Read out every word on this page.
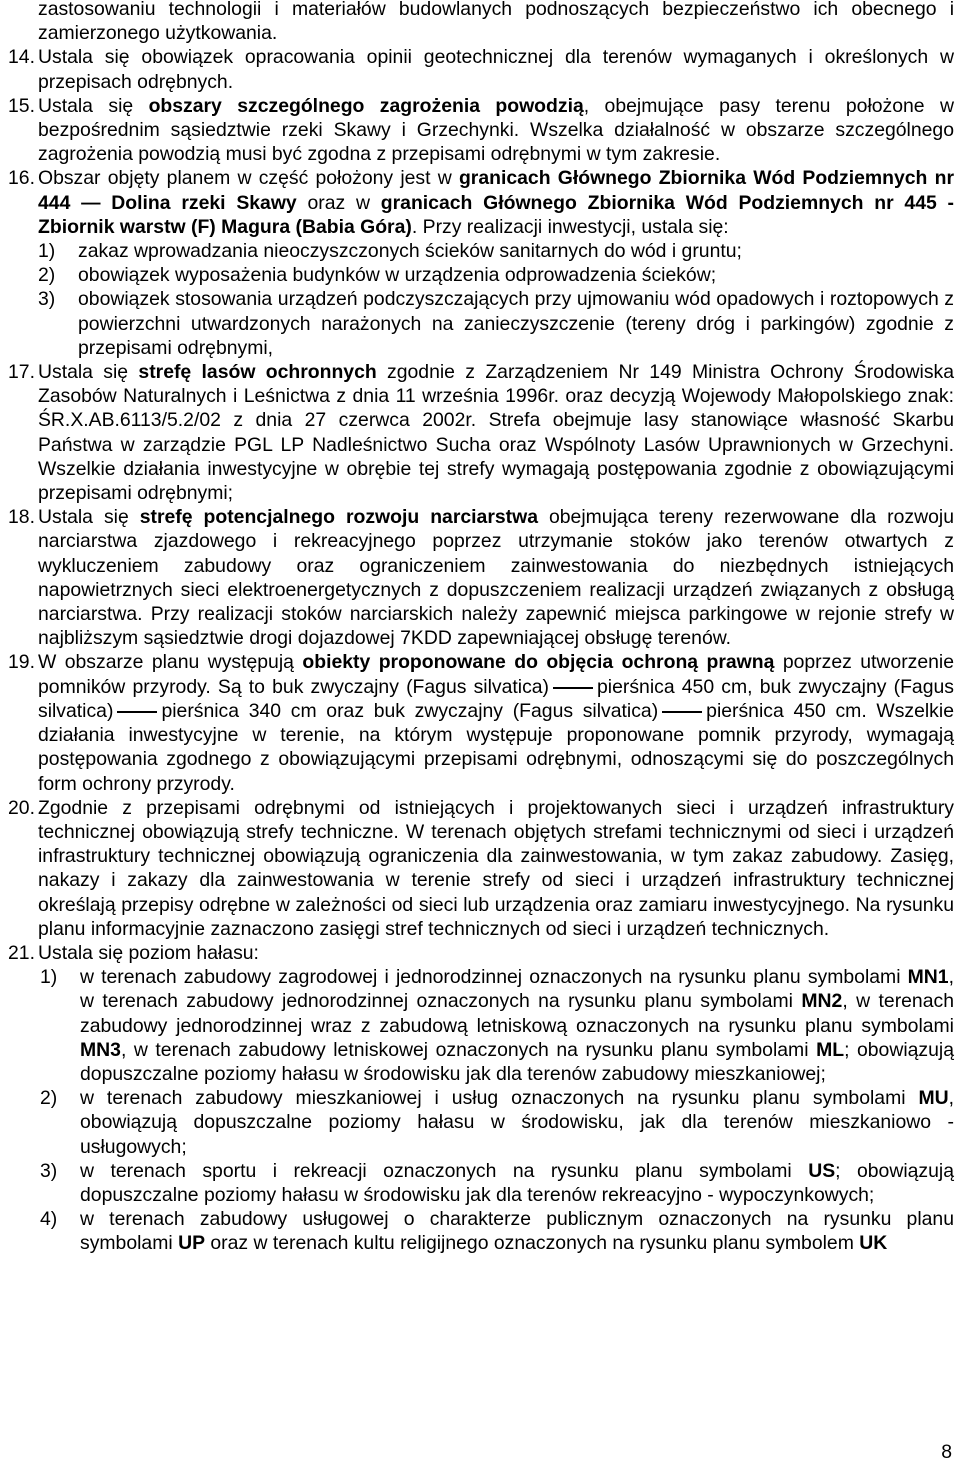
zastosowaniu technologii i materiałów budowlanych podnoszących bezpieczeństwo ich obecnego i zamierzonego użytkowania.

14. Ustala się obowiązek opracowania opinii geotechnicznej dla terenów wymaganych i określonych w przepisach odrębnych.

15. Ustala się obszary szczególnego zagrożenia powodzią, obejmujące pasy terenu położone w bezpośrednim sąsiedztwie rzeki Skawy i Grzechynki. Wszelka działalność w obszarze szczególnego zagrożenia powodzią musi być zgodna z przepisami odrębnymi w tym zakresie.

16. Obszar objęty planem w część położony jest w granicach Głównego Zbiornika Wód Podziemnych nr 444 — Dolina rzeki Skawy oraz w granicach Głównego Zbiornika Wód Podziemnych nr 445 - Zbiornik warstw (F) Magura (Babia Góra). Przy realizacji inwestycji, ustala się:

1) zakaz wprowadzania nieoczyszczonych ścieków sanitarnych do wód i gruntu;

2) obowiązek wyposażenia budynków w urządzenia odprowadzenia ścieków;

3) obowiązek stosowania urządzeń podczyszczających przy ujmowaniu wód opadowych i roztopowych z powierzchni utwardzonych narażonych na zanieczyszczenie (tereny dróg i parkingów) zgodnie z przepisami odrębnymi,

17. Ustala się strefę lasów ochronnych zgodnie z Zarządzeniem Nr 149 Ministra Ochrony Środowiska Zasobów Naturalnych i Leśnictwa z dnia 11 września 1996r. oraz decyzją Wojewody Małopolskiego znak: ŚR.X.AB.6113/5.2/02 z dnia 27 czerwca 2002r. Strefa obejmuje lasy stanowiące własność Skarbu Państwa w zarządzie PGL LP Nadleśnictwo Sucha oraz Wspólnoty Lasów Uprawnionych w Grzechyni. Wszelkie działania inwestycyjne w obrębie tej strefy wymagają postępowania zgodnie z obowiązującymi przepisami odrębnymi;

18. Ustala się strefę potencjalnego rozwoju narciarstwa obejmująca tereny rezerwowane dla rozwoju narciarstwa zjazdowego i rekreacyjnego poprzez utrzymanie stoków jako terenów otwartych z wykluczeniem zabudowy oraz ograniczeniem zainwestowania do niezbędnych istniejących napowietrznych sieci elektroenergetycznych z dopuszczeniem realizacji urządzeń związanych z obsługą narciarstwa. Przy realizacji stoków narciarskich należy zapewnić miejsca parkingowe w rejonie strefy w najbliższym sąsiedztwie drogi dojazdowej 7KDD zapewniającej obsługę terenów.

19. W obszarze planu występują obiekty proponowane do objęcia ochroną prawną poprzez utworzenie pomników przyrody. Są to buk zwyczajny (Fagus silvatica) pierśnica 450 cm, buk zwyczajny (Fagus silvatica) pierśnica 340 cm oraz buk zwyczajny (Fagus silvatica) pierśnica 450 cm. Wszelkie działania inwestycyjne w terenie, na którym występuje proponowane pomnik przyrody, wymagają postępowania zgodnego z obowiązującymi przepisami odrębnymi, odnoszącymi się do poszczególnych form ochrony przyrody.

20. Zgodnie z przepisami odrębnymi od istniejących i projektowanych sieci i urządzeń infrastruktury technicznej obowiązują strefy techniczne. W terenach objętych strefami technicznymi od sieci i urządzeń infrastruktury technicznej obowiązują ograniczenia dla zainwestowania, w tym zakaz zabudowy. Zasięg, nakazy i zakazy dla zainwestowania w terenie strefy od sieci i urządzeń infrastruktury technicznej określają przepisy odrębne w zależności od sieci lub urządzenia oraz zamiaru inwestycyjnego. Na rysunku planu informacyjnie zaznaczono zasięgi stref technicznych od sieci i urządzeń technicznych.

21. Ustala się poziom hałasu:

1) w terenach zabudowy zagrodowej i jednorodzinnej oznaczonych na rysunku planu symbolami MN1, w terenach zabudowy jednorodzinnej oznaczonych na rysunku planu symbolami MN2, w terenach zabudowy jednorodzinnej wraz z zabudową letniskową oznaczonych na rysunku planu symbolami MN3, w terenach zabudowy letniskowej oznaczonych na rysunku planu symbolami ML; obowiązują dopuszczalne poziomy hałasu w środowisku jak dla terenów zabudowy mieszkaniowej;

2) w terenach zabudowy mieszkaniowej i usług oznaczonych na rysunku planu symbolami MU, obowiązują dopuszczalne poziomy hałasu w środowisku, jak dla terenów mieszkaniowo - usługowych;

3) w terenach sportu i rekreacji oznaczonych na rysunku planu symbolami US; obowiązują dopuszczalne poziomy hałasu w środowisku jak dla terenów rekreacyjno - wypoczynkowych;

4) w terenach zabudowy usługowej o charakterze publicznym oznaczonych na rysunku planu symbolami UP oraz w terenach kultu religijnego oznaczonych na rysunku planu symbolem UK

8
